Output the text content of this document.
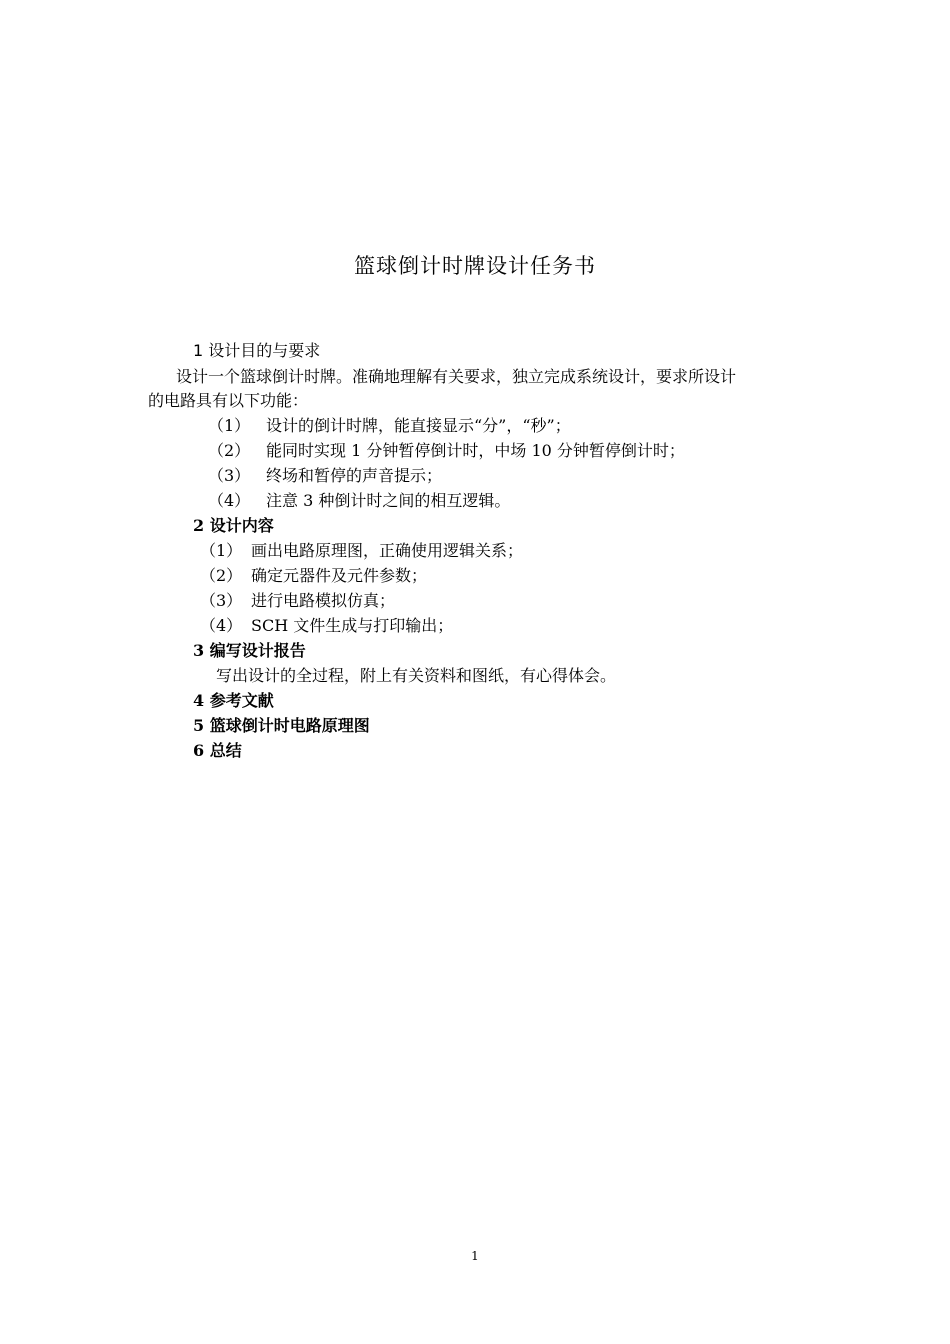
篮球倒计时牌设计任务书
1 设计目的与要求
设计一个篮球倒计时牌。准确地理解有关要求，独立完成系统设计，要求所设计
的电路具有以下功能：
（1） 设计的倒计时牌，能直接显示“分”，“秒”；
（2） 能同时实现 1 分钟暂停倒计时，中场 10 分钟暂停倒计时；
（3） 终场和暂停的声音提示；
（4） 注意 3 种倒计时之间的相互逻辑。
2 设计内容
（1） 画出电路原理图，正确使用逻辑关系；
（2） 确定元器件及元件参数；
（3） 进行电路模拟仿真；
（4） SCH 文件生成与打印输出；
3 编写设计报告
写出设计的全过程，附上有关资料和图纸，有心得体会。
4 参考文献
5 篮球倒计时电路原理图
6 总结
1
